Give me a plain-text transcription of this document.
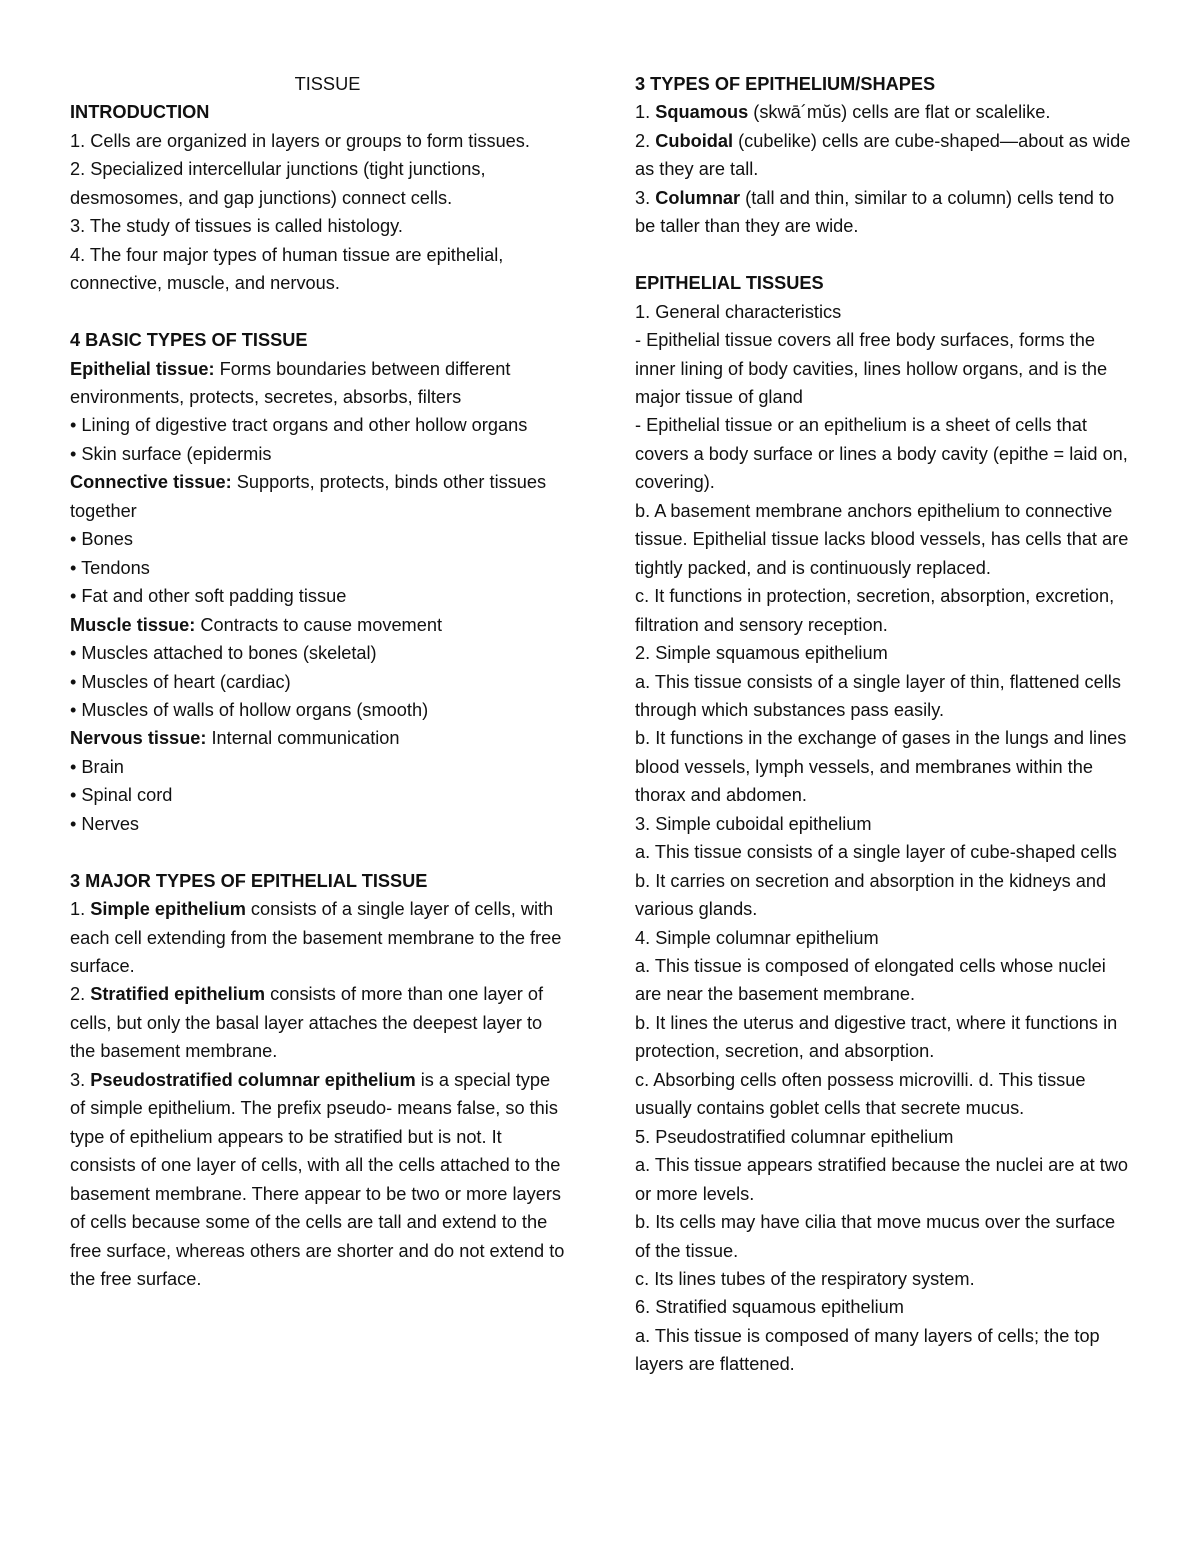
TISSUE

INTRODUCTION

1. Cells are organized in layers or groups to form tissues.

2. Specialized intercellular junctions (tight junctions, desmosomes, and gap junctions) connect cells.

3. The study of tissues is called histology.

4. The four major types of human tissue are epithelial, connective, muscle, and nervous.

4 BASIC TYPES OF TISSUE

Epithelial tissue: Forms boundaries between different environments, protects, secretes, absorbs, filters

• Lining of digestive tract organs and other hollow organs

• Skin surface (epidermis

Connective tissue: Supports, protects, binds other tissues together

• Bones

• Tendons

• Fat and other soft padding tissue

Muscle tissue: Contracts to cause movement

• Muscles attached to bones (skeletal)

• Muscles of heart (cardiac)

• Muscles of walls of hollow organs (smooth)

Nervous tissue: Internal communication

• Brain

• Spinal cord

• Nerves

3 MAJOR TYPES OF EPITHELIAL TISSUE

1. Simple epithelium consists of a single layer of cells, with each cell extending from the basement membrane to the free surface.

2. Stratified epithelium consists of more than one layer of cells, but only the basal layer attaches the deepest layer to the basement membrane.

3. Pseudostratified columnar epithelium is a special type of simple epithelium. The prefix pseudo- means false, so this type of epithelium appears to be stratified but is not. It consists of one layer of cells, with all the cells attached to the basement membrane. There appear to be two or more layers of cells because some of the cells are tall and extend to the free surface, whereas others are shorter and do not extend to the free surface.

3 TYPES OF EPITHELIUM/SHAPES

1. Squamous (skwā´mŭs) cells are flat or scalelike.

2. Cuboidal (cubelike) cells are cube-shaped—about as wide as they are tall.

3. Columnar (tall and thin, similar to a column) cells tend to be taller than they are wide.

EPITHELIAL TISSUES

1. General characteristics

- Epithelial tissue covers all free body surfaces, forms the inner lining of body cavities, lines hollow organs, and is the major tissue of gland

- Epithelial tissue or an epithelium is a sheet of cells that covers a body surface or lines a body cavity (epithe = laid on, covering).

b. A basement membrane anchors epithelium to connective tissue. Epithelial tissue lacks blood vessels, has cells that are tightly packed, and is continuously replaced.

c. It functions in protection, secretion, absorption, excretion, filtration and sensory reception.

2. Simple squamous epithelium

a. This tissue consists of a single layer of thin, flattened cells through which substances pass easily.

b. It functions in the exchange of gases in the lungs and lines blood vessels, lymph vessels, and membranes within the thorax and abdomen.

3. Simple cuboidal epithelium

a. This tissue consists of a single layer of cube-shaped cells

b. It carries on secretion and absorption in the kidneys and various glands.

4. Simple columnar epithelium

a. This tissue is composed of elongated cells whose nuclei are near the basement membrane.

b. It lines the uterus and digestive tract, where it functions in protection, secretion, and absorption.

c. Absorbing cells often possess microvilli. d. This tissue usually contains goblet cells that secrete mucus.

5. Pseudostratified columnar epithelium

a. This tissue appears stratified because the nuclei are at two or more levels.

b. Its cells may have cilia that move mucus over the surface of the tissue.

c. Its lines tubes of the respiratory system.

6. Stratified squamous epithelium

a. This tissue is composed of many layers of cells; the top layers are flattened.
